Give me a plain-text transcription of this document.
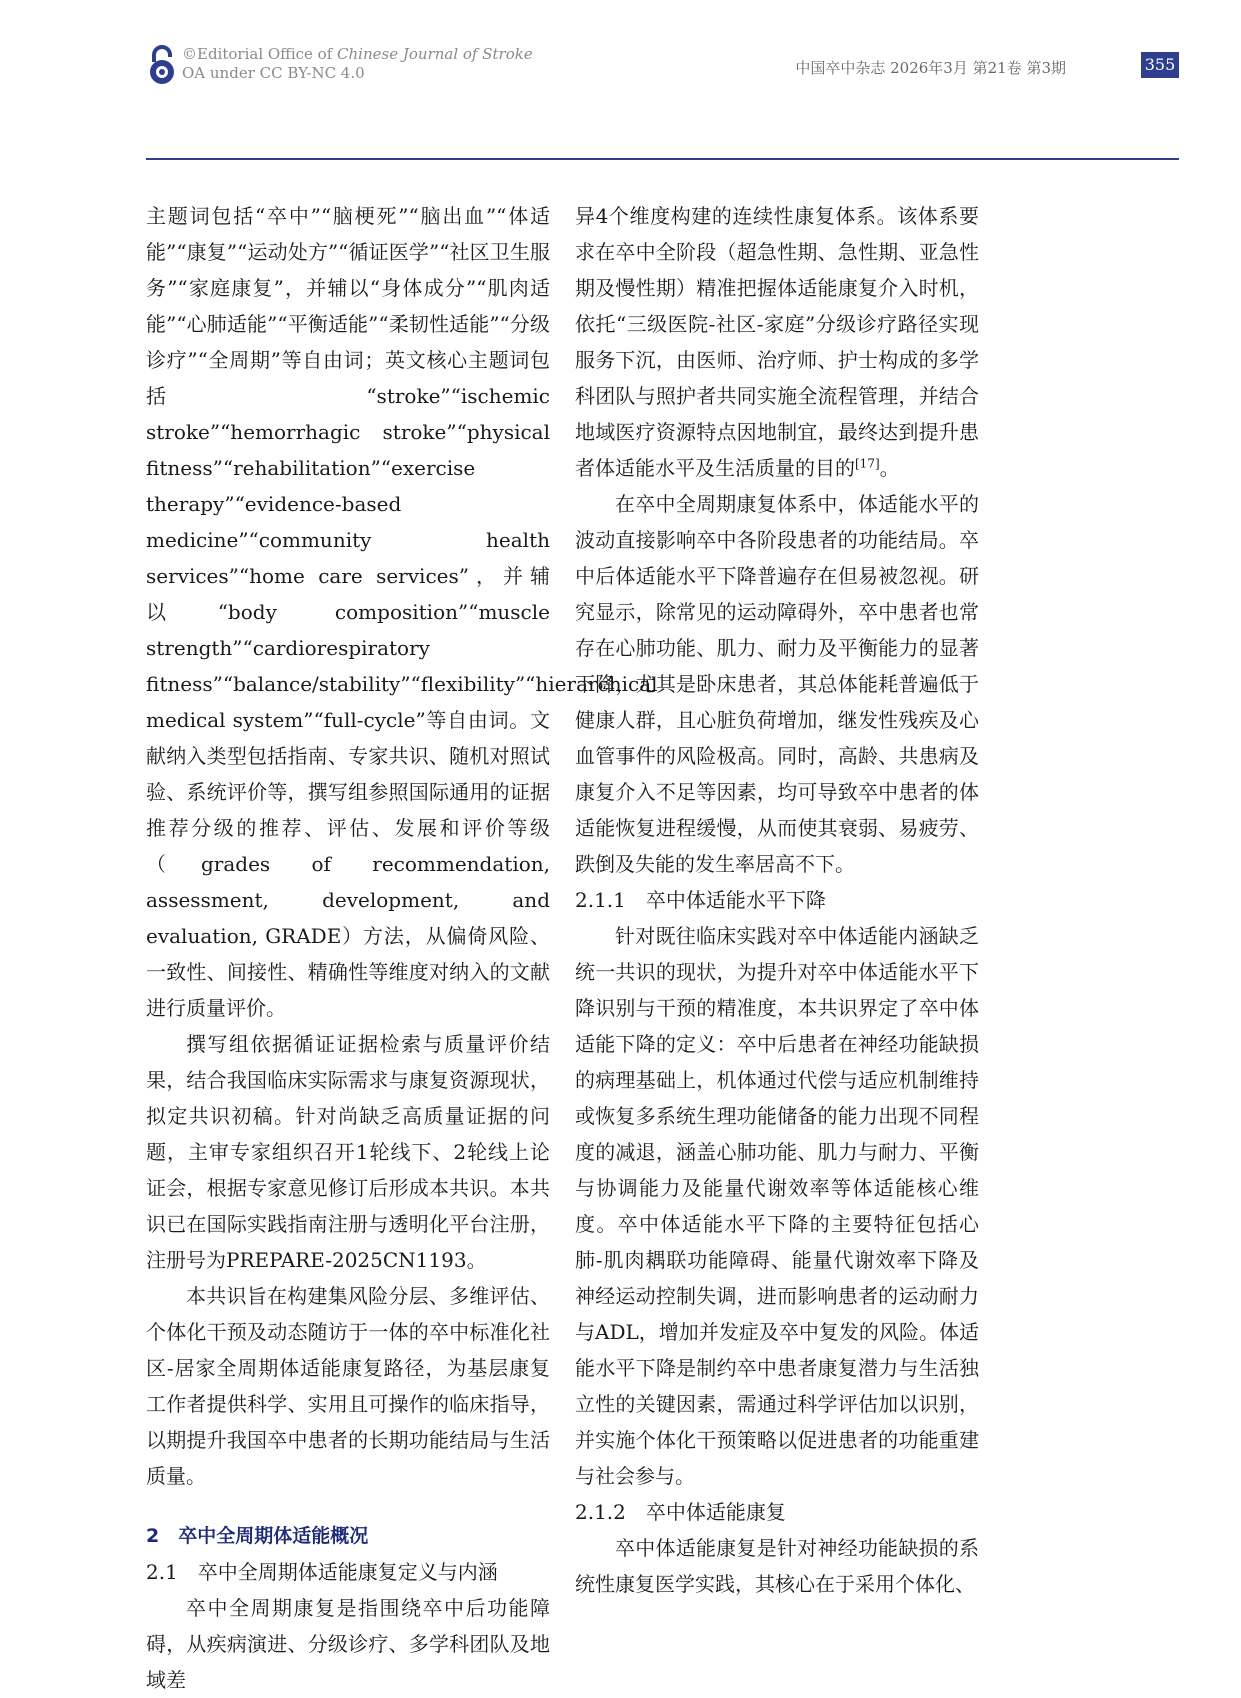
©Editorial Office of Chinese Journal of Stroke
OA under CC BY-NC 4.0	中国卒中杂志 2026年3月 第21卷 第3期	355

主题词包括“卒中”“脑梗死”“脑出血”“体适能”“康复”“运动处方”“循证医学”“社区卫生服务”“家庭康复”，并辅以“身体成分”“肌肉适能”“心肺适能”“平衡适能”“柔韧性适能”“分级诊疗”“全周期”等自由词；英文核心主题词包括“stroke”“ischemic stroke”“hemorrhagic stroke”“physical fitness”“rehabilitation”“exercise therapy”“evidence-based medicine”“community health services”“home care services”，并辅以“body composition”“muscle strength”“cardiorespiratory fitness”“balance/stability”“flexibility”“hierarchical medical system”“full-cycle”等自由词。文献纳入类型包括指南、专家共识、随机对照试验、系统评价等，撰写组参照国际通用的证据推荐分级的推荐、评估、发展和评价等级（grades of recommendation, assessment, development, and evaluation, GRADE）方法，从偏倚风险、一致性、间接性、精确性等维度对纳入的文献进行质量评价。

撰写组依据循证证据检索与质量评价结果，结合我国临床实际需求与康复资源现状，拟定共识初稿。针对尚缺乏高质量证据的问题，主审专家组织召开1轮线下、2轮线上论证会，根据专家意见修订后形成本共识。本共识已在国际实践指南注册与透明化平台注册，注册号为PREPARE-2025CN1193。

本共识旨在构建集风险分层、多维评估、个体化干预及动态随访于一体的卒中标准化社区-居家全周期体适能康复路径，为基层康复工作者提供科学、实用且可操作的临床指导，以期提升我国卒中患者的长期功能结局与生活质量。

2　卒中全周期体适能概况
2.1　卒中全周期体适能康复定义与内涵

卒中全周期康复是指围绕卒中后功能障碍，从疾病演进、分级诊疗、多学科团队及地域差

异4个维度构建的连续性康复体系。该体系要求在卒中全阶段（超急性期、急性期、亚急性期及慢性期）精准把握体适能康复介入时机，依托“三级医院-社区-家庭”分级诊疗路径实现服务下沉，由医师、治疗师、护士构成的多学科团队与照护者共同实施全流程管理，并结合地域医疗资源特点因地制宜，最终达到提升患者体适能水平及生活质量的目的[17]。

在卒中全周期康复体系中，体适能水平的波动直接影响卒中各阶段患者的功能结局。卒中后体适能水平下降普遍存在但易被忽视。研究显示，除常见的运动障碍外，卒中患者也常存在心肺功能、肌力、耐力及平衡能力的显著下降，尤其是卧床患者，其总体能耗普遍低于健康人群，且心脏负荷增加，继发性残疾及心血管事件的风险极高。同时，高龄、共患病及康复介入不足等因素，均可导致卒中患者的体适能恢复进程缓慢，从而使其衰弱、易疲劳、跌倒及失能的发生率居高不下。

2.1.1　卒中体适能水平下降

针对既往临床实践对卒中体适能内涵缺乏统一共识的现状，为提升对卒中体适能水平下降识别与干预的精准度，本共识界定了卒中体适能下降的定义：卒中后患者在神经功能缺损的病理基础上，机体通过代偿与适应机制维持或恢复多系统生理功能储备的能力出现不同程度的减退，涵盖心肺功能、肌力与耐力、平衡与协调能力及能量代谢效率等体适能核心维度。卒中体适能水平下降的主要特征包括心肺-肌肉耦联功能障碍、能量代谢效率下降及神经运动控制失调，进而影响患者的运动耐力与ADL，增加并发症及卒中复发的风险。体适能水平下降是制约卒中患者康复潜力与生活独立性的关键因素，需通过科学评估加以识别，并实施个体化干预策略以促进患者的功能重建与社会参与。

2.1.2　卒中体适能康复

卒中体适能康复是针对神经功能缺损的系统性康复医学实践，其核心在于采用个体化、
